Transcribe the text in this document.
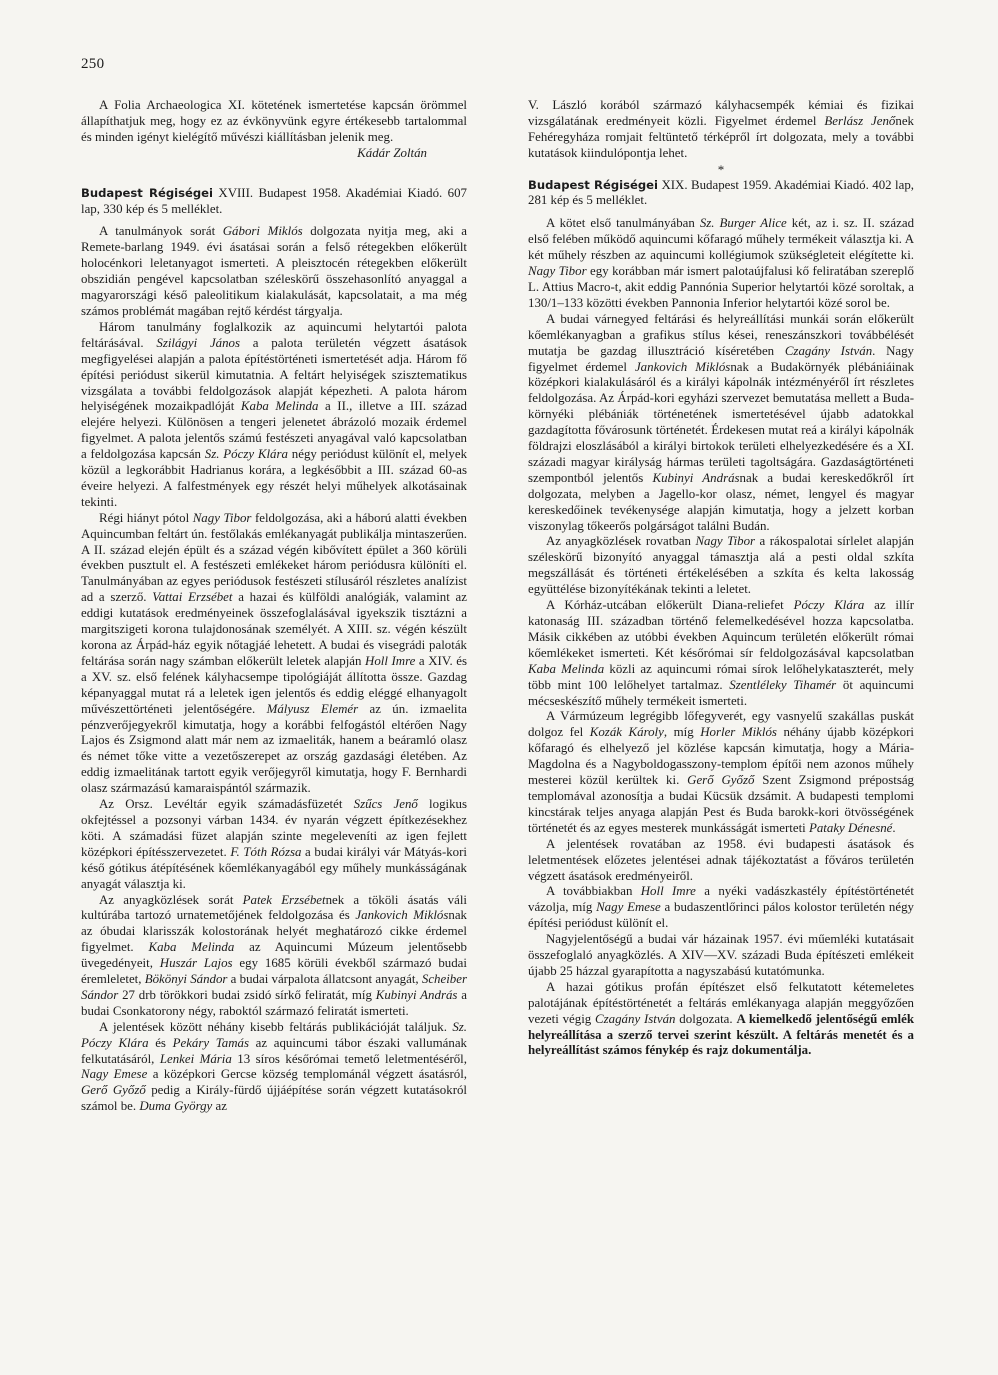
250

A Folia Archaeologica XI. kötetének ismertetése kapcsán örömmel állapíthatjuk meg, hogy ez az évkönyvünk egyre értékesebb tartalommal és minden igényt kielégítő művészi kiállításban jelenik meg.

Kádár Zoltán

Budapest Régiségei XVIII. Budapest 1958. Akadémiai Kiadó. 607 lap, 330 kép és 5 melléklet.

A tanulmányok sorát Gábori Miklós dolgozata nyitja meg, aki a Remete-barlang 1949. évi ásatásai során a felső rétegekben előkerült holocénkori leletanyagot ismerteti. A pleisztocén rétegekben előkerült obszidián pengével kapcsolatban széleskörű összehasonlító anyaggal a magyarországi késő paleolitikum kialakulását, kapcsolatait, a ma még számos problémát magában rejtő kérdést tárgyalja.

Három tanulmány foglalkozik az aquincumi helytartói palota feltárásával. Szilágyi János a palota területén végzett ásatások megfigyelései alapján a palota építéstörténeti ismertetését adja. Három fő építési periódust sikerül kimutatnia. A feltárt helyiségek szisztematikus vizsgálata a további feldolgozások alapját képezheti. A palota három helyiségének mozaikpadlóját Kaba Melinda a II., illetve a III. század elejére helyezi. Különösen a tengeri jelenetet ábrázoló mozaik érdemel figyelmet. A palota jelentős számú festészeti anyagával való kapcsolatban a feldolgozása kapcsán Sz. Póczy Klára négy periódust különít el, melyek közül a legkorábbit Hadrianus korára, a legkésőbbit a III. század 60-as éveire helyezi. A falfestmények egy részét helyi műhelyek alkotásainak tekinti.

Régi hiányt pótol Nagy Tibor feldolgozása, aki a háború alatti években Aquincumban feltárt ún. festőlakás emlékanyagát publikálja mintaszerűen. A II. század elején épült és a század végén kibővített épület a 360 körüli években pusztult el. A festészeti emlékeket három periódusra különíti el. Tanulmányában az egyes periódusok festészeti stílusáról részletes analízist ad a szerző. Vattai Erzsébet a hazai és külföldi analógiák, valamint az eddigi kutatások eredményeinek összefoglalásával igyekszik tisztázni a margitszigeti korona tulajdonosának személyét. A XIII. sz. végén készült korona az Árpád-ház egyik nőtagjáé lehetett. A budai és visegrádi paloták feltárása során nagy számban előkerült leletek alapján Holl Imre a XIV. és a XV. sz. első felének kályhacsempe tipológiáját állította össze. Gazdag képanyaggal mutat rá a leletek igen jelentős és eddig eléggé elhanyagolt művészettörténeti jelentőségére. Mályusz Elemér az ún. izmaelita pénzverőjegyekről kimutatja, hogy a korábbi felfogástól eltérően Nagy Lajos és Zsigmond alatt már nem az izmaeliták, hanem a beáramló olasz és német tőke vitte a vezetőszerepet az ország gazdasági életében. Az eddig izmaelitának tartott egyik verőjegyről kimutatja, hogy F. Bernhardi olasz származású kamaraispántól származik.

Az Orsz. Levéltár egyik számadásfüzetét Szűcs Jenő logikus okfejtéssel a pozsonyi várban 1434. év nyarán végzett építkezésekhez köti. A számadási füzet alapján szinte megeleveníti az igen fejlett középkori építésszervezetet. F. Tóth Rózsa a budai királyi vár Mátyás-kori késő gótikus átépítésének kőemlékanyagából egy műhely munkásságának anyagát választja ki.

Az anyagközlések sorát Patek Erzsébetnek a tököli ásatás váli kultúrába tartozó urnatemetőjének feldolgozása és Jankovich Miklósnak az óbudai klarisszák kolostorának helyét meghatározó cikke érdemel figyelmet. Kaba Melinda az Aquincumi Múzeum jelentősebb üvegedényeit, Huszár Lajos egy 1685 körüli évekből származó budai éremleletet, Bökönyi Sándor a budai várpalota állatcsont anyagát, Scheiber Sándor 27 drb törökkori budai zsidó sírkő feliratát, míg Kubinyi András a budai Csonkatorony négy, raboktól származó feliratát ismerteti.

A jelentések között néhány kisebb feltárás publikációját találjuk. Sz. Póczy Klára és Pekáry Tamás az aquincumi tábor északi vallumának felkutatásáról, Lenkei Mária 13 síros későrómai temető leletmentéséről, Nagy Emese a középkori Gercse község templománál végzett ásatásról, Gerő Győző pedig a Király-fürdő újjáépítése során végzett kutatásokról számol be. Duma György az

V. László korából származó kályhacsempék kémiai és fizikai vizsgálatának eredményeit közli. Figyelmet érdemel Berlász Jenőnek Fehéregyháza romjait feltüntető térképről írt dolgozata, mely a további kutatások kiindulópontja lehet.

*

Budapest Régiségei XIX. Budapest 1959. Akadémiai Kiadó. 402 lap, 281 kép és 5 melléklet.

A kötet első tanulmányában Sz. Burger Alice két, az i. sz. II. század első felében működő aquincumi kőfaragó műhely termékeit választja ki. A két műhely részben az aquincumi kollégiumok szükségleteit elégítette ki. Nagy Tibor egy korábban már ismert palotaújfalusi kő feliratában szereplő L. Attius Macro-t, akit eddig Pannónia Superior helytartói közé soroltak, a 130/1–133 közötti években Pannonia Inferior helytartói közé sorol be.

A budai várnegyed feltárási és helyreállítási munkái során előkerült kőemlékanyagban a grafikus stílus kései, reneszánszkori továbbélését mutatja be gazdag illusztráció kíséretében Czagány István. Nagy figyelmet érdemel Jankovich Miklósnak a Budakörnyék plébániáinak középkori kialakulásáról és a királyi kápolnák intézményéről írt részletes feldolgozása. Az Árpád-kori egyházi szervezet bemutatása mellett a Buda-környéki plébániák történetének ismertetésével újabb adatokkal gazdagította fővárosunk történetét. Érdekesen mutat reá a királyi kápolnák földrajzi eloszlásából a királyi birtokok területi elhelyezkedésére és a XI. századi magyar királyság hármas területi tagoltságára. Gazdaságtörténeti szempontból jelentős Kubinyi Andrásnak a budai kereskedőkről írt dolgozata, melyben a Jagello-kor olasz, német, lengyel és magyar kereskedőinek tevékenysége alapján kimutatja, hogy a jelzett korban viszonylag tőkeerős polgárságot találni Budán.

Az anyagközlések rovatban Nagy Tibor a rákospalotai sírlelet alapján széleskörű bizonyító anyaggal támasztja alá a pesti oldal szkíta megszállását és történeti értékelésében a szkíta és kelta lakosság együttélése bizonyítékának tekinti a leletet.

A Kórház-utcában előkerült Diana-reliefet Póczy Klára az illír katonaság III. században történő felemelkedésével hozza kapcsolatba. Másik cikkében az utóbbi években Aquincum területén előkerült római kőemlékeket ismerteti. Két későrómai sír feldolgozásával kapcsolatban Kaba Melinda közli az aquincumi római sírok lelőhelykataszterét, mely több mint 100 lelőhelyet tartalmaz. Szentléleky Tihamér öt aquincumi mécseskészítő műhely termékeit ismerteti.

A Vármúzeum legrégibb lőfegyverét, egy vasnyelű szakállas puskát dolgoz fel Kozák Károly, míg Horler Miklós néhány újabb középkori kőfaragó és elhelyező jel közlése kapcsán kimutatja, hogy a Mária-Magdolna és a Nagyboldogasszony-templom építői nem azonos műhely mesterei közül kerültek ki. Gerő Győző Szent Zsigmond prépostság templomával azonosítja a budai Kücsük dzsámit. A budapesti templomi kincstárak teljes anyaga alapján Pest és Buda barokk-kori ötvösségének történetét és az egyes mesterek munkásságát ismerteti Pataky Dénesné.

A jelentések rovatában az 1958. évi budapesti ásatások és leletmentések előzetes jelentései adnak tájékoztatást a főváros területén végzett ásatások eredményeiről.

A továbbiakban Holl Imre a nyéki vadászkastély építéstörténetét vázolja, míg Nagy Emese a budaszentlőrinci pálos kolostor területén négy építési periódust különít el.

Nagyjelentőségű a budai vár házainak 1957. évi műemléki kutatásait összefoglaló anyagközlés. A XIV—XV. századi Buda építészeti emlékeit újabb 25 házzal gyarapította a nagyszabású kutatómunka.

A hazai gótikus profán építészet első felkutatott kétemeletes palotájának építéstörténetét a feltárás emlékanyaga alapján meggyőzően vezeti végig Czagány István dolgozata. A kiemelkedő jelentőségű emlék helyreállítása a szerző tervei szerint készült. A feltárás menetét és a helyreállítást számos fénykép és rajz dokumentálja.
